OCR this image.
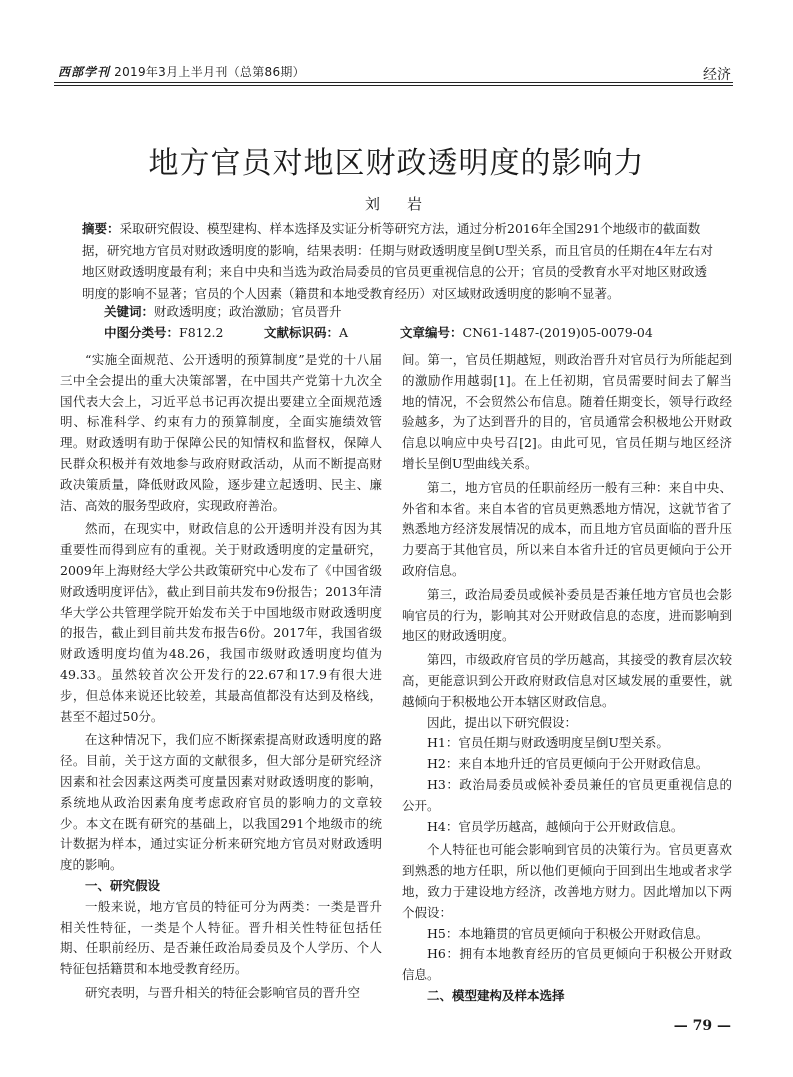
西部学刊 2019年3月上半月刊（总第86期）	经济
地方官员对地区财政透明度的影响力
刘　岩

摘要：采取研究假设、模型建构、样本选择及实证分析等研究方法，通过分析2016年全国291个地级市的截面数据，研究地方官员对财政透明度的影响，结果表明：任期与财政透明度呈倒U型关系，而且官员的任期在4年左右对地区财政透明度最有利；来自中央和当选为政治局委员的官员更重视信息的公开；官员的受教育水平对地区财政透明度的影响不显著；官员的个人因素（籍贯和本地受教育经历）对区域财政透明度的影响不显著。

关键词：财政透明度；政治激励；官员晋升
中图分类号：F812.2	文献标识码：A	文章编号：CN61-1487-(2019)05-0079-04

“实施全面规范、公开透明的预算制度”是党的十八届三中全会提出的重大决策部署，在中国共产党第十九次全国代表大会上，习近平总书记再次提出要建立全面规范透明、标准科学、约束有力的预算制度，全面实施绩效管理。财政透明有助于保障公民的知情权和监督权，保障人民群众积极并有效地参与政府财政活动，从而不断提高财政决策质量，降低财政风险，逐步建立起透明、民主、廉洁、高效的服务型政府，实现政府善治。

然而，在现实中，财政信息的公开透明并没有因为其重要性而得到应有的重视。关于财政透明度的定量研究，2009年上海财经大学公共政策研究中心发布了《中国省级财政透明度评估》，截止到目前共发布9份报告；2013年清华大学公共管理学院开始发布关于中国地级市财政透明度的报告，截止到目前共发布报告6份。2017年，我国省级财政透明度均值为48.26，我国市级财政透明度均值为49.33。虽然较首次公开发行的22.67和17.9有很大进步，但总体来说还比较差，其最高值都没有达到及格线，甚至不超过50分。

在这种情况下，我们应不断探索提高财政透明度的路径。目前，关于这方面的文献很多，但大部分是研究经济因素和社会因素这两类可度量因素对财政透明度的影响，系统地从政治因素角度考虑政府官员的影响力的文章较少。本文在既有研究的基础上，以我国291个地级市的统计数据为样本，通过实证分析来研究地方官员对财政透明度的影响。

一、研究假设

一般来说，地方官员的特征可分为两类：一类是晋升相关性特征，一类是个人特征。晋升相关性特征包括任期、任职前经历、是否兼任政治局委员及个人学历、个人特征包括籍贯和本地受教育经历。

研究表明，与晋升相关的特征会影响官员的晋升空

间。第一，官员任期越短，则政治晋升对官员行为所能起到的激励作用越弱[1]。在上任初期，官员需要时间去了解当地的情况，不会贸然公布信息。随着任期变长，领导行政经验越多，为了达到晋升的目的，官员通常会积极地公开财政信息以响应中央号召[2]。由此可见，官员任期与地区经济增长呈倒U型曲线关系。

第二，地方官员的任职前经历一般有三种：来自中央、外省和本省。来自本省的官员更熟悉地方情况，这就节省了熟悉地方经济发展情况的成本，而且地方官员面临的晋升压力要高于其他官员，所以来自本省升迁的官员更倾向于公开政府信息。

第三，政治局委员或候补委员是否兼任地方官员也会影响官员的行为，影响其对公开财政信息的态度，进而影响到地区的财政透明度。

第四，市级政府官员的学历越高，其接受的教育层次较高，更能意识到公开政府财政信息对区域发展的重要性，就越倾向于积极地公开本辖区财政信息。

因此，提出以下研究假设：

H1：官员任期与财政透明度呈倒U型关系。

H2：来自本地升迁的官员更倾向于公开财政信息。

H3：政治局委员或候补委员兼任的官员更重视信息的公开。

H4：官员学历越高，越倾向于公开财政信息。

个人特征也可能会影响到官员的决策行为。官员更喜欢到熟悉的地方任职，所以他们更倾向于回到出生地或者求学地，致力于建设地方经济，改善地方财力。因此增加以下两个假设：

H5：本地籍贯的官员更倾向于积极公开财政信息。

H6：拥有本地教育经历的官员更倾向于积极公开财政信息。

二、模型建构及样本选择
— 79 —
